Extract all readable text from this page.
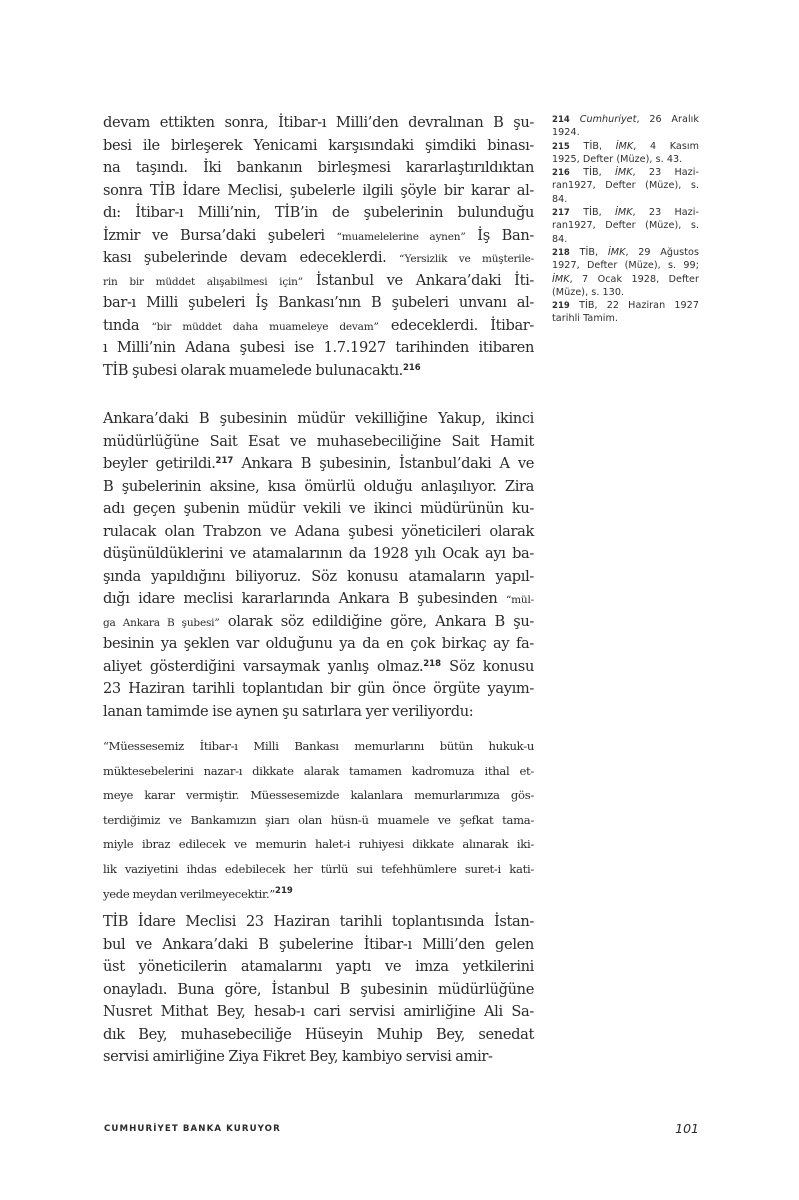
devam ettikten sonra, İtibar-ı Milli’den devralınan B şu-
besi ile birleşerek Yenicami karşısındaki şimdiki binası-
na taşındı. İki bankanın birleşmesi kararlaştırıldıktan
sonra TİB İdare Meclisi, şubelerle ilgili şöyle bir karar al-
dı: İtibar-ı Milli’nin, TİB’in de şubelerinin bulunduğu
İzmir ve Bursa’daki şubeleri “muamelelerine aynen” İş Ban-
kası şubelerinde devam edeceklerdi. “Yersizlik ve müşterile-
rin bir müddet alışabilmesi için” İstanbul ve Ankara’daki İti-
bar-ı Milli şubeleri İş Bankası’nın B şubeleri unvanı al-
tında “bir müddet daha muameleye devam” edeceklerdi. İtibar-
ı Milli’nin Adana şubesi ise 1.7.1927 tarihinden itibaren
TİB şubesi olarak muamelede bulunacaktı.$^{216}$
Ankara’daki B şubesinin müdür vekilliğine Yakup, ikinci
müdürlüğüne Sait Esat ve muhasebeciliğine Sait Hamit
beyler getirildi.$^{217}$ Ankara B şubesinin, İstanbul’daki A ve
B şubelerinin aksine, kısa ömürlü olduğu anlaşılıyor. Zira
adı geçen şubenin müdür vekili ve ikinci müdürünün ku-
rulacak olan Trabzon ve Adana şubesi yöneticileri olarak
düşünüldüklerini ve atamalarının da 1928 yılı Ocak ayı ba-
şında yapıldığını biliyoruz. Söz konusu atamaların yapıl-
dığı idare meclisi kararlarında Ankara B şubesinden “mül-
ga Ankara B şubesi” olarak söz edildiğine göre, Ankara B şu-
besinin ya şeklen var olduğunu ya da en çok birkaç ay fa-
aliyet gösterdiğini varsaymak yanlış olmaz.$^{218}$ Söz konusu
23 Haziran tarihli toplantıdan bir gün önce örgüte yayım-
lanan tamimde ise aynen şu satırlara yer veriliyordu:
“Müessesemiz İtibar-ı Milli Bankası memurlarını bütün hukuk-u
müktesebelerini nazar-ı dikkate alarak tamamen kadromuza ithal et-
meye karar vermiştir. Müessesemizde kalanlara memurlarımıza gös-
terdiğimiz ve Bankamızın şiarı olan hüsn-ü muamele ve şefkat tama-
miyle ibraz edilecek ve memurin halet-i ruhiyesi dikkate alınarak iki-
lik vaziyetini ihdas edebilecek her türlü sui tefehhümlere suret-i kati-
yede meydan verilmeyecektir.”$^{219}$
TİB İdare Meclisi 23 Haziran tarihli toplantısında İstan-
bul ve Ankara’daki B şubelerine İtibar-ı Milli’den gelen
üst yöneticilerin atamalarını yaptı ve imza yetkilerini
onayladı. Buna göre, İstanbul B şubesinin müdürlüğüne
Nusret Mithat Bey, hesab-ı cari servisi amirliğine Ali Sa-
dık Bey, muhasebeciliğe Hüseyin Muhip Bey, senedat
servisi amirliğine Ziya Fikret Bey, kambiyo servisi amir-
214 Cumhuriyet, 26 Aralık
1924.
215 TİB, İMK, 4 Kasım
1925, Defter (Müze), s. 43.
216 TİB, İMK, 23 Hazi-
ran1927, Defter (Müze), s.
84.
217 TİB, İMK, 23 Hazi-
ran1927, Defter (Müze), s.
84.
218 TİB, İMK, 29 Ağustos
1927, Defter (Müze), s. 99;
İMK, 7 Ocak 1928, Defter
(Müze), s. 130.
219 TİB, 22 Haziran 1927
tarihli Tamim.
CUMHURİYET BANKA KURUYOR	101
